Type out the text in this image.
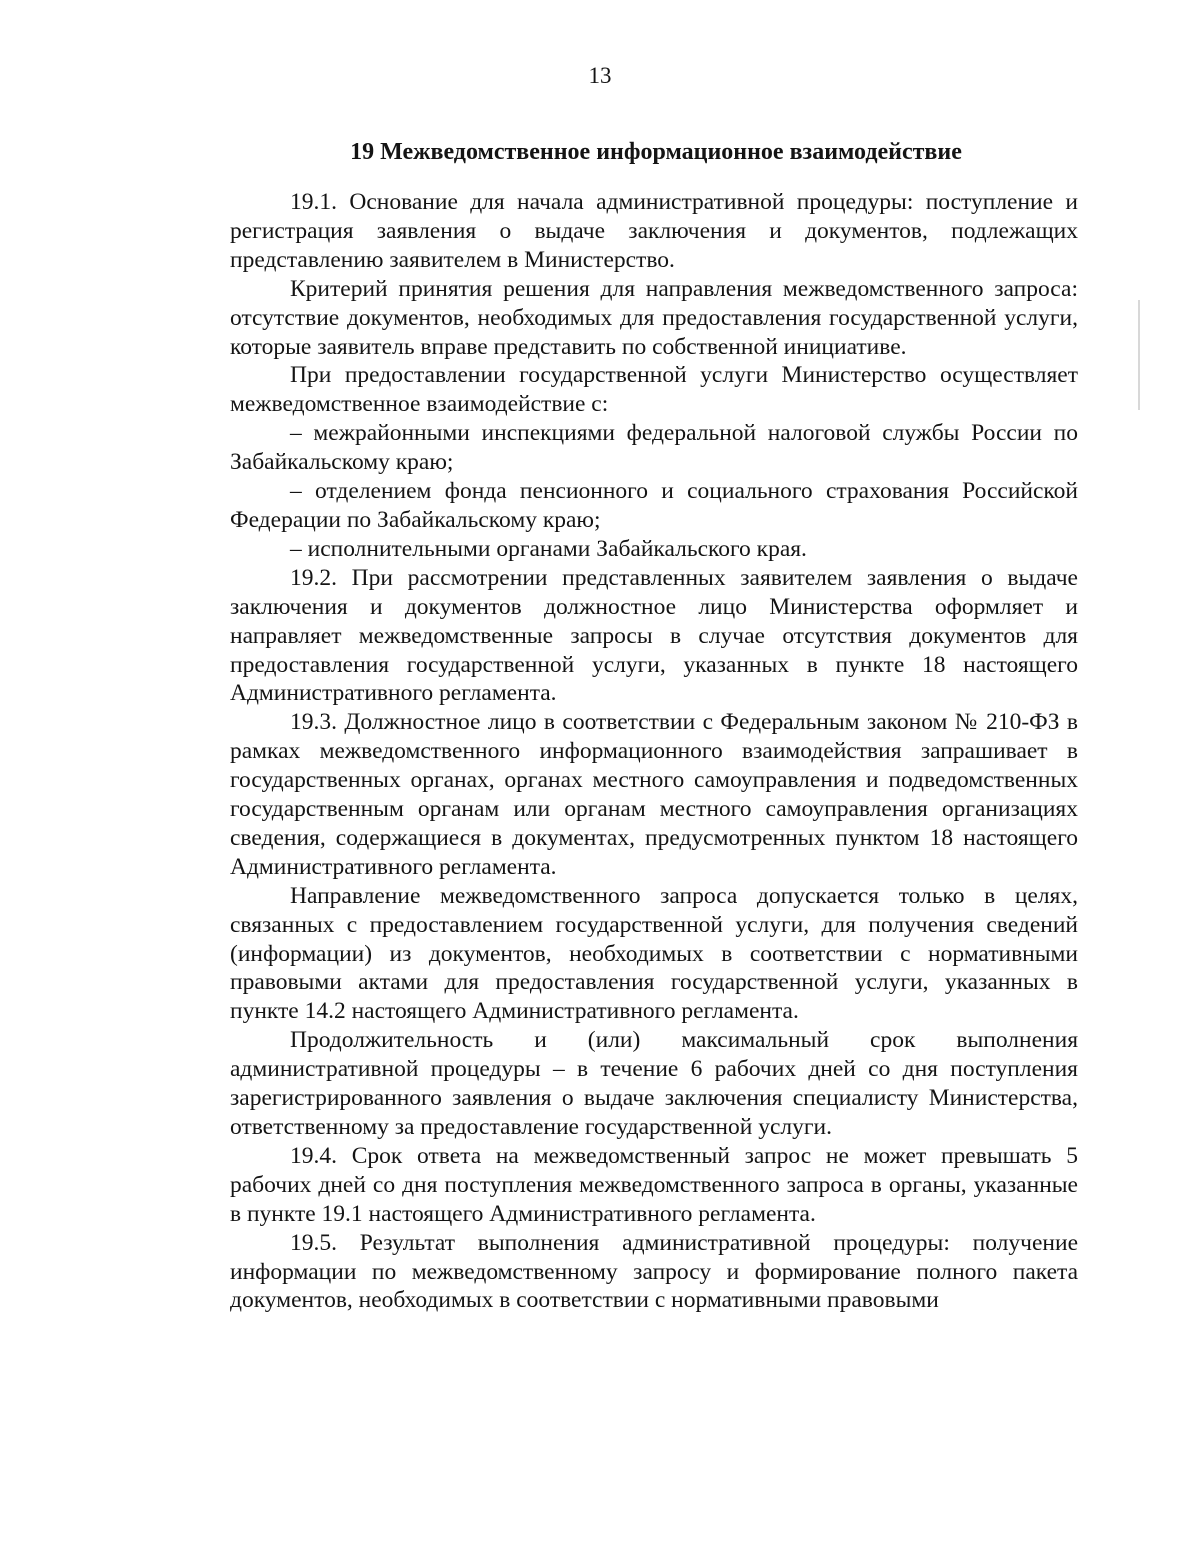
13
19 Межведомственное информационное взаимодействие

19.1. Основание для начала административной процедуры: поступление и регистрация заявления о выдаче заключения и документов, подлежащих представлению заявителем в Министерство.

Критерий принятия решения для направления межведомственного запроса: отсутствие документов, необходимых для предоставления государственной услуги, которые заявитель вправе представить по собственной инициативе.

При предоставлении государственной услуги Министерство осуществляет межведомственное взаимодействие с:

– межрайонными инспекциями федеральной налоговой службы России по Забайкальскому краю;

– отделением фонда пенсионного и социального страхования Российской Федерации по Забайкальскому краю;

– исполнительными органами Забайкальского края.

19.2. При рассмотрении представленных заявителем заявления о выдаче заключения и документов должностное лицо Министерства оформляет и направляет межведомственные запросы в случае отсутствия документов для предоставления государственной услуги, указанных в пункте 18 настоящего Административного регламента.

19.3. Должностное лицо в соответствии с Федеральным законом № 210-ФЗ в рамках межведомственного информационного взаимодействия запрашивает в государственных органах, органах местного самоуправления и подведомственных государственным органам или органам местного самоуправления организациях сведения, содержащиеся в документах, предусмотренных пунктом 18 настоящего Административного регламента.

Направление межведомственного запроса допускается только в целях, связанных с предоставлением государственной услуги, для получения сведений (информации) из документов, необходимых в соответствии с нормативными правовыми актами для предоставления государственной услуги, указанных в пункте 14.2 настоящего Административного регламента.

Продолжительность и (или) максимальный срок выполнения административной процедуры – в течение 6 рабочих дней со дня поступления зарегистрированного заявления о выдаче заключения специалисту Министерства, ответственному за предоставление государственной услуги.

19.4. Срок ответа на межведомственный запрос не может превышать 5 рабочих дней со дня поступления межведомственного запроса в органы, указанные в пункте 19.1 настоящего Административного регламента.

19.5. Результат выполнения административной процедуры: получение информации по межведомственному запросу и формирование полного пакета документов, необходимых в соответствии с нормативными правовыми
